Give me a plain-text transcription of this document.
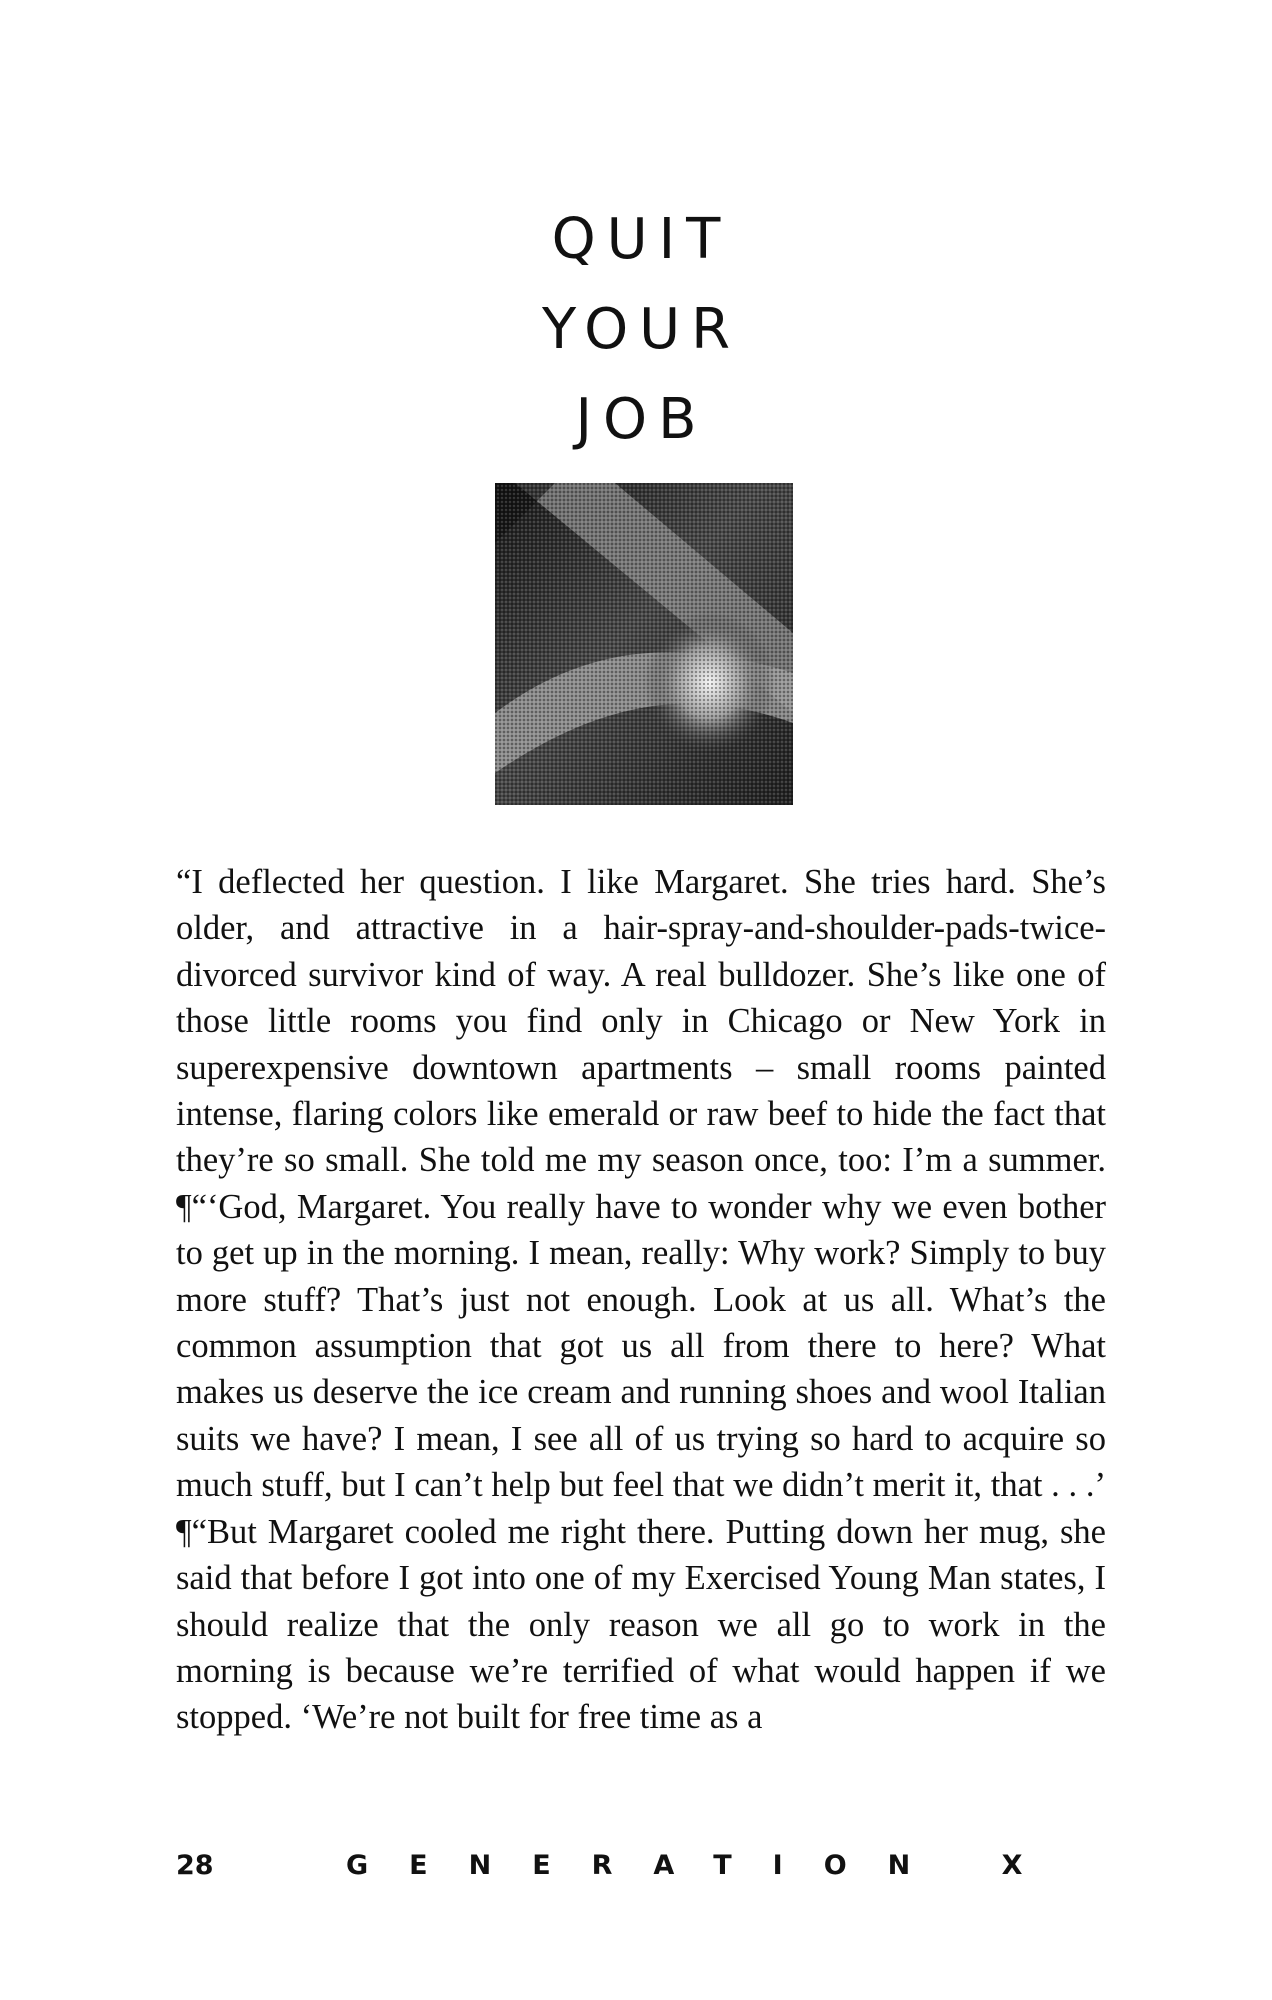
QUIT
YOUR
JOB

“I deflected her question. I like Margaret. She tries hard. She’s older, and attractive in a hair-spray-and-shoulder-pads-twice-divorced survivor kind of way. A real bulldozer. She’s like one of those little rooms you find only in Chicago or New York in superexpensive downtown apartments – small rooms painted intense, flaring colors like emerald or raw beef to hide the fact that they’re so small. She told me my season once, too: I’m a summer. ¶“‘God, Margaret. You really have to wonder why we even bother to get up in the morning. I mean, really: Why work? Simply to buy more stuff? That’s just not enough. Look at us all. What’s the common assumption that got us all from there to here? What makes us deserve the ice cream and running shoes and wool Italian suits we have? I mean, I see all of us trying so hard to acquire so much stuff, but I can’t help but feel that we didn’t merit it, that . . .’ ¶“But Margaret cooled me right there. Putting down her mug, she said that before I got into one of my Exercised Young Man states, I should realize that the only reason we all go to work in the morning is because we’re terrified of what would happen if we stopped. ‘We’re not built for free time as a

28	GENERATION X
